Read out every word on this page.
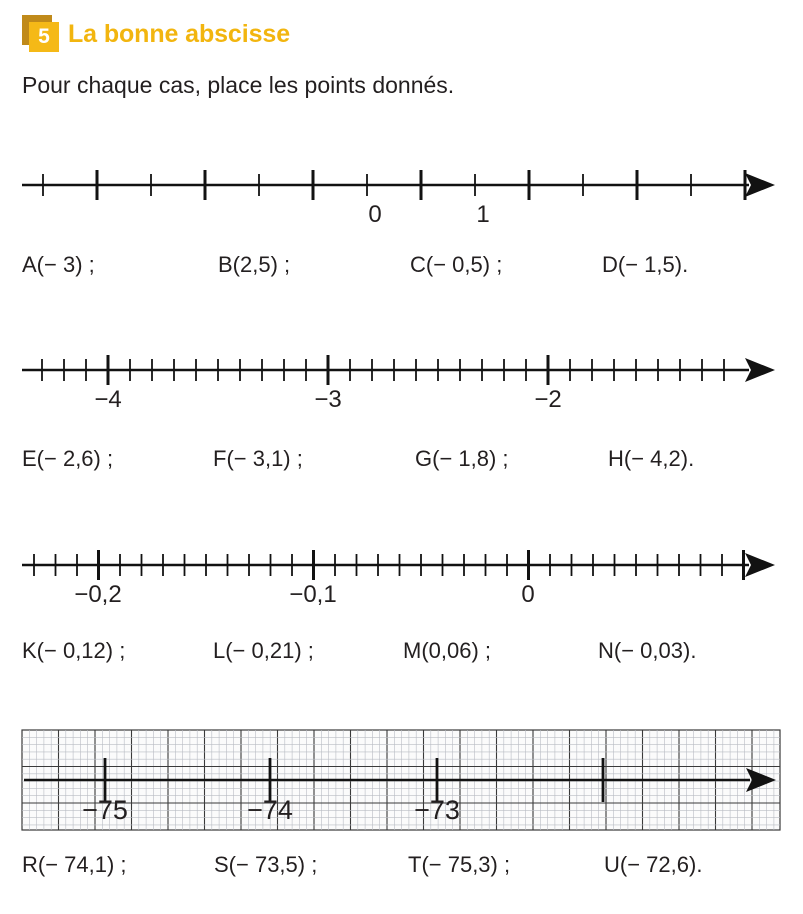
5 La bonne abscisse
Pour chaque cas, place les points donnés.
0	1
A(− 3) ;	B(2,5) ;	C(− 0,5) ;	D(− 1,5).
−4	−3	−2
E(− 2,6) ;	F(− 3,1) ;	G(− 1,8) ;	H(− 4,2).
−0,2	−0,1	0
K(− 0,12) ;	L(− 0,21) ;	M(0,06) ;	N(− 0,03).
−75	−74	−73
R(− 74,1) ;	S(− 73,5) ;	T(− 75,3) ;	U(− 72,6).
